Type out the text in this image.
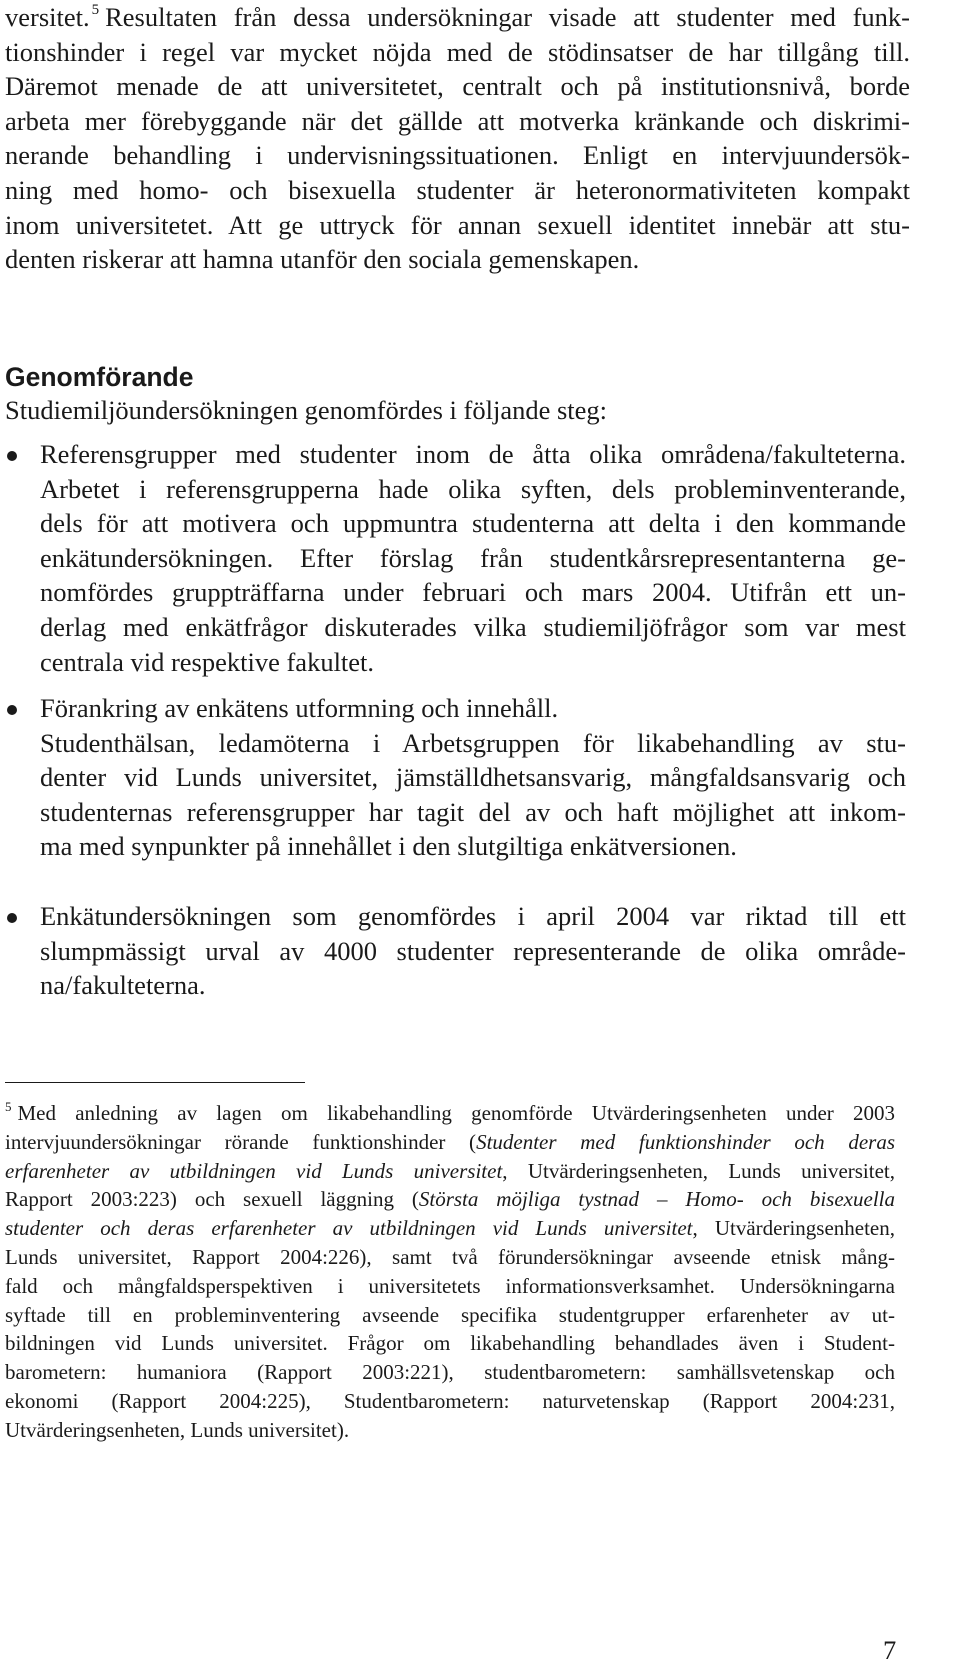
versitet. $^5$ Resultaten från dessa undersökningar visade att studenter med funk-
tionshinder i regel var mycket nöjda med de stödinsatser de har tillgång till.
Däremot menade de att universitetet, centralt och på institutionsnivå, borde
arbeta mer förebyggande när det gällde att motverka kränkande och diskrimi-
nerande behandling i undervisningssituationen. Enligt en intervjuundersök-
ning med homo- och bisexuella studenter är heteronormativiteten kompakt
inom universitetet. Att ge uttryck för annan sexuell identitet innebär att stu-
denten riskerar att hamna utanför den sociala gemenskapen.

Genomförande

Studiemiljöundersökningen genomfördes i följande steg:

Referensgrupper med studenter inom de åtta olika områdena/fakulteterna.
Arbetet i referensgrupperna hade olika syften, dels probleminventerande,
dels för att motivera och uppmuntra studenterna att delta i den kommande
enkätundersökningen. Efter förslag från studentkårsrepresentanterna ge-
nomfördes gruppträffarna under februari och mars 2004. Utifrån ett un-
derlag med enkätfrågor diskuterades vilka studiemiljöfrågor som var mest
centrala vid respektive fakultet.

Förankring av enkätens utformning och innehåll.
Studenthälsan, ledamöterna i Arbetsgruppen för likabehandling av stu-
denter vid Lunds universitet, jämställdhetsansvarig, mångfaldsansvarig och
studenternas referensgrupper har tagit del av och haft möjlighet att inkom-
ma med synpunkter på innehållet i den slutgiltiga enkätversionen.

Enkätundersökningen som genomfördes i april 2004 var riktad till ett
slumpmässigt urval av 4000 studenter representerande de olika område-
na/fakulteterna.

$^5$ Med anledning av lagen om likabehandling genomförde Utvärderingsenheten under 2003
intervjuundersökningar rörande funktionshinder (Studenter med funktionshinder och deras
erfarenheter av utbildningen vid Lunds universitet, Utvärderingsenheten, Lunds universitet,
Rapport 2003:223) och sexuell läggning (Största möjliga tystnad – Homo- och bisexuella
studenter och deras erfarenheter av utbildningen vid Lunds universitet, Utvärderingsenheten,
Lunds universitet, Rapport 2004:226), samt två förundersökningar avseende etnisk mång-
fald och mångfaldsperspektiven i universitetets informationsverksamhet. Undersökningarna
syftade till en probleminventering avseende specifika studentgrupper erfarenheter av ut-
bildningen vid Lunds universitet. Frågor om likabehandling behandlades även i Student-
barometern: humaniora (Rapport 2003:221), studentbarometern: samhällsvetenskap och
ekonomi (Rapport 2004:225), Studentbarometern: naturvetenskap (Rapport 2004:231,
Utvärderingsenheten, Lunds universitet).

7
